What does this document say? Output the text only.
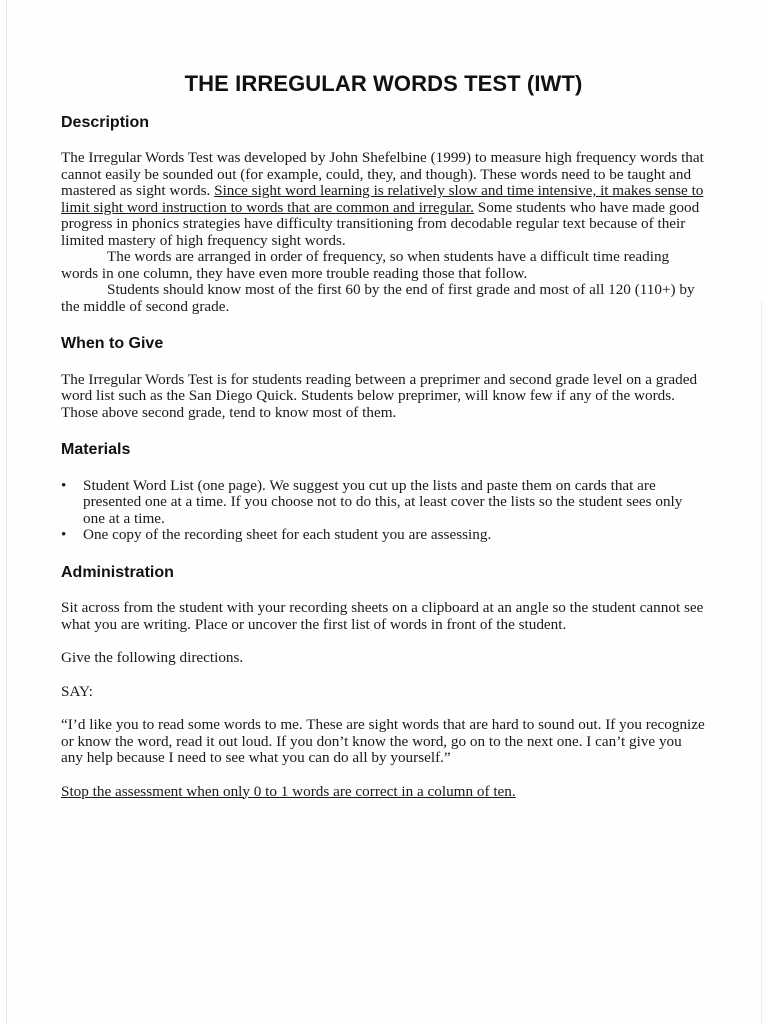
THE IRREGULAR WORDS TEST (IWT)
Description

The Irregular Words Test was developed by John Shefelbine (1999) to measure high frequency words that cannot easily be sounded out (for example, could, they, and though). These words need to be taught and mastered as sight words. Since sight word learning is relatively slow and time intensive, it makes sense to limit sight word instruction to words that are common and irregular. Some students who have made good progress in phonics strategies have difficulty transitioning from decodable regular text because of their limited mastery of high frequency sight words.

The words are arranged in order of frequency, so when students have a difficult time reading words in one column, they have even more trouble reading those that follow.

Students should know most of the first 60 by the end of first grade and most of all 120 (110+) by the middle of second grade.

When to Give

The Irregular Words Test is for students reading between a preprimer and second grade level on a graded word list such as the San Diego Quick. Students below preprimer, will know few if any of the words. Those above second grade, tend to know most of them.

Materials
• Student Word List (one page). We suggest you cut up the lists and paste them on cards that are presented one at a time. If you choose not to do this, at least cover the lists so the student sees only one at a time.
• One copy of the recording sheet for each student you are assessing.
Administration

Sit across from the student with your recording sheets on a clipboard at an angle so the student cannot see what you are writing. Place or uncover the first list of words in front of the student.

Give the following directions.

SAY:

“I’d like you to read some words to me. These are sight words that are hard to sound out. If you recognize or know the word, read it out loud. If you don’t know the word, go on to the next one. I can’t give you any help because I need to see what you can do all by yourself.”

Stop the assessment when only 0 to 1 words are correct in a column of ten.
